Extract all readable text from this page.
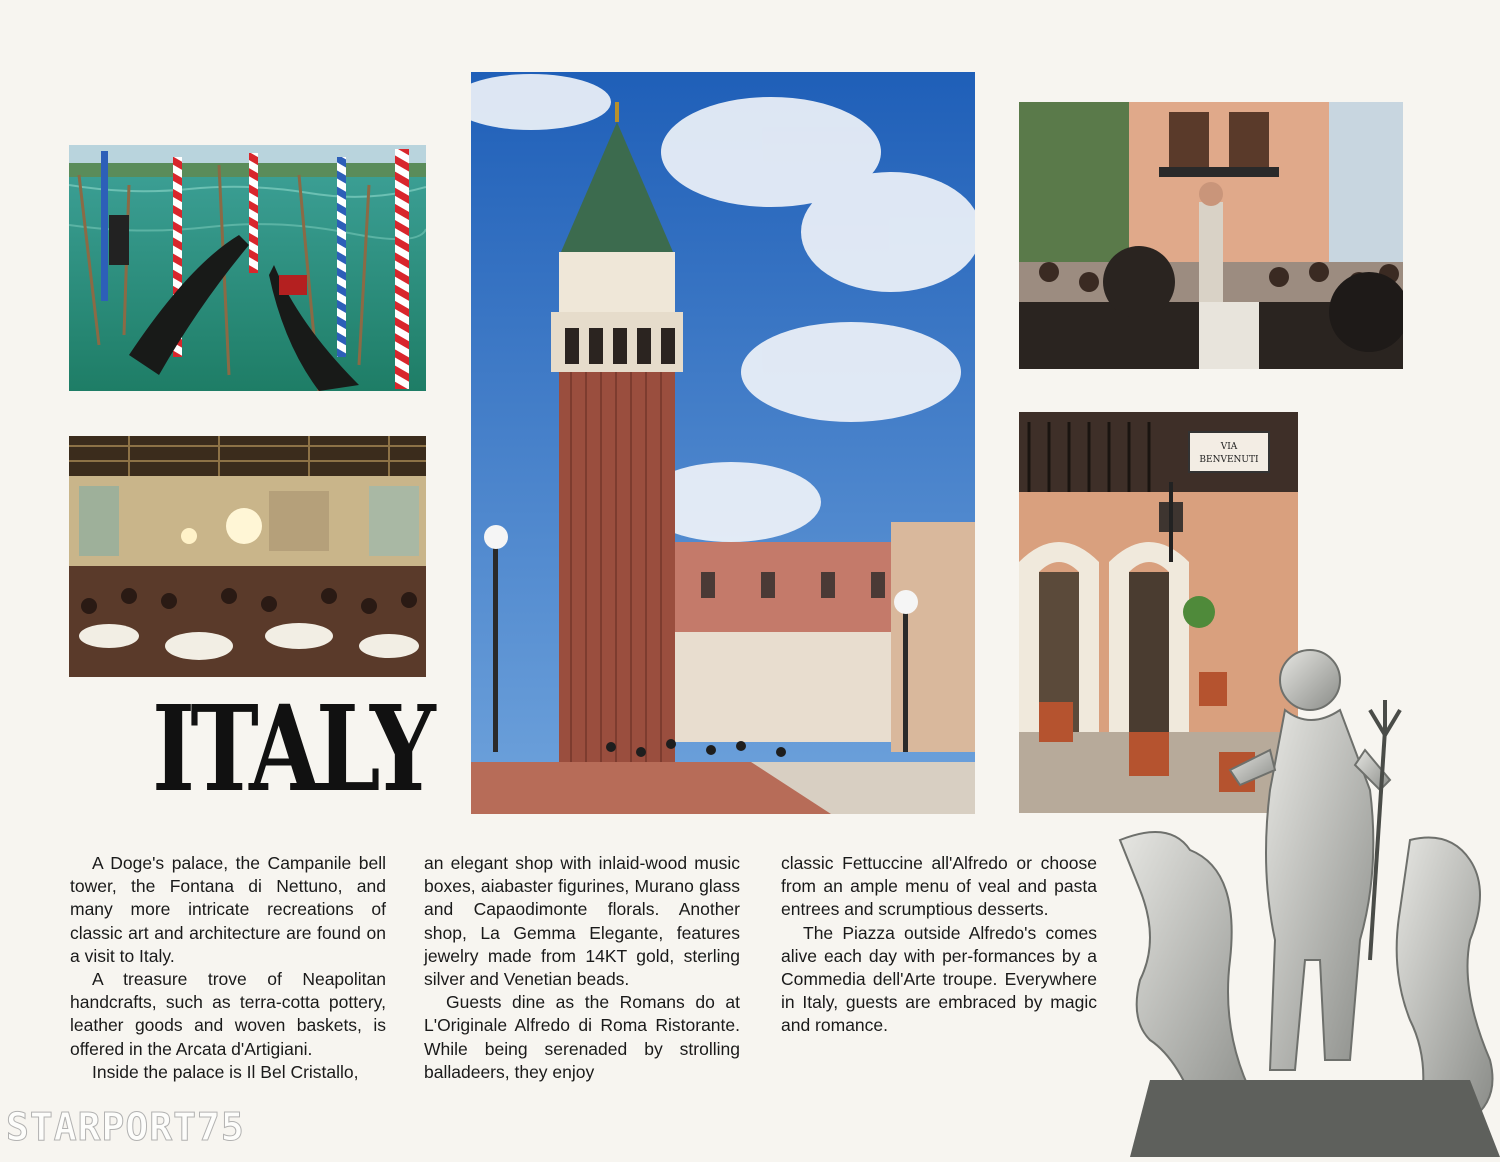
VIA
BENVENUTI
ITALY

A Doge's palace, the Campanile bell tower, the Fontana di Nettuno, and many more intricate recreations of classic art and architecture are found on a visit to Italy.

A treasure trove of Neapolitan handcrafts, such as terra-cotta pottery, leather goods and woven baskets, is offered in the Arcata d'Artigiani.

Inside the palace is Il Bel Cristallo,

an elegant shop with inlaid-wood music boxes, aiabaster figurines, Murano glass and Capaodimonte florals. Another shop, La Gemma Elegante, features jewelry made from 14KT gold, sterling silver and Venetian beads.

Guests dine as the Romans do at L'Originale Alfredo di Roma Ristorante. While being serenaded by strolling balladeers, they enjoy

classic Fettuccine all'Alfredo or choose from an ample menu of veal and pasta entrees and scrumptious desserts.

The Piazza outside Alfredo's comes alive each day with per-formances by a Commedia dell'Arte troupe. Everywhere in Italy, guests are embraced by magic and romance.

STARPORT75
